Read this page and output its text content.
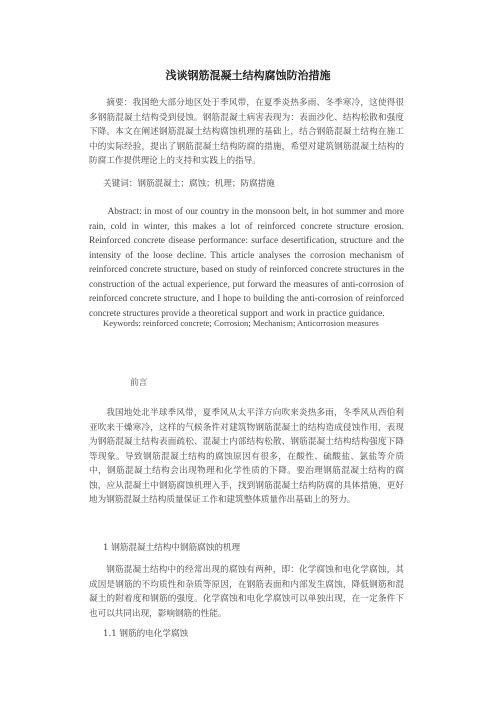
浅谈钢筋混凝土结构腐蚀防治措施

摘要：我国绝大部分地区处于季风带，在夏季炎热多雨、冬季寒冷，这使得很多钢筋混凝土结构受到侵蚀。钢筋混凝土病害表现为：表面沙化、结构松散和强度下降。本文在阐述钢筋混凝土结构腐蚀机理的基础上，结合钢筋混凝土结构在施工中的实际经验，提出了钢筋混凝土结构防腐的措施，希望对建筑钢筋混凝土结构的防腐工作提供理论上的支持和实践上的指导。

关键词：钢筋混凝土；腐蚀；机理；防腐措施

Abstract: in most of our country in the monsoon belt, in hot summer and more rain, cold in winter, this makes a lot of reinforced concrete structure erosion. Reinforced concrete disease performance: surface desertification, structure and the intensity of the loose decline. This article analyses the corrosion mechanism of reinforced concrete structure, based on study of reinforced concrete structures in the construction of the actual experience, put forward the measures of anti-corrosion of reinforced concrete structure, and I hope to building the anti-corrosion of reinforced concrete structures provide a theoretical support and work in practice guidance.

Keywords: reinforced concrete; Corrosion; Mechanism; Anticorrosion measures

前言

我国地处北半球季风带，夏季风从太平洋方向吹来炎热多雨，冬季风从西伯利亚吹来干燥寒冷，这样的气候条件对建筑物钢筋混凝土的结构造成侵蚀作用，表现为钢筋混凝土结构表面疏松、混凝土内部结构松散、钢筋混凝土结构结构强度下降等现象。导致钢筋混凝土结构的腐蚀原因有很多，在酸性、硫酸盐、氯盐等介质中，钢筋混凝土结构会出现物理和化学性质的下降。要治理钢筋混凝土结构的腐蚀，应从混凝土中钢筋腐蚀机理入手，找到钢筋混凝土结构防腐的具体措施，更好地为钢筋混凝土结构质量保证工作和建筑整体质量作出基础上的努力。

1 钢筋混凝土结构中钢筋腐蚀的机理

钢筋混凝土结构中的经常出现的腐蚀有两种，即：化学腐蚀和电化学腐蚀，其成因是钢筋的不均质性和杂质等原因，在钢筋表面和内部发生腐蚀，降低钢筋和混凝土的附着度和钢筋的强度。化学腐蚀和电化学腐蚀可以单独出现，在一定条件下也可以共同出现，影响钢筋的性能。

1.1 钢筋的电化学腐蚀
